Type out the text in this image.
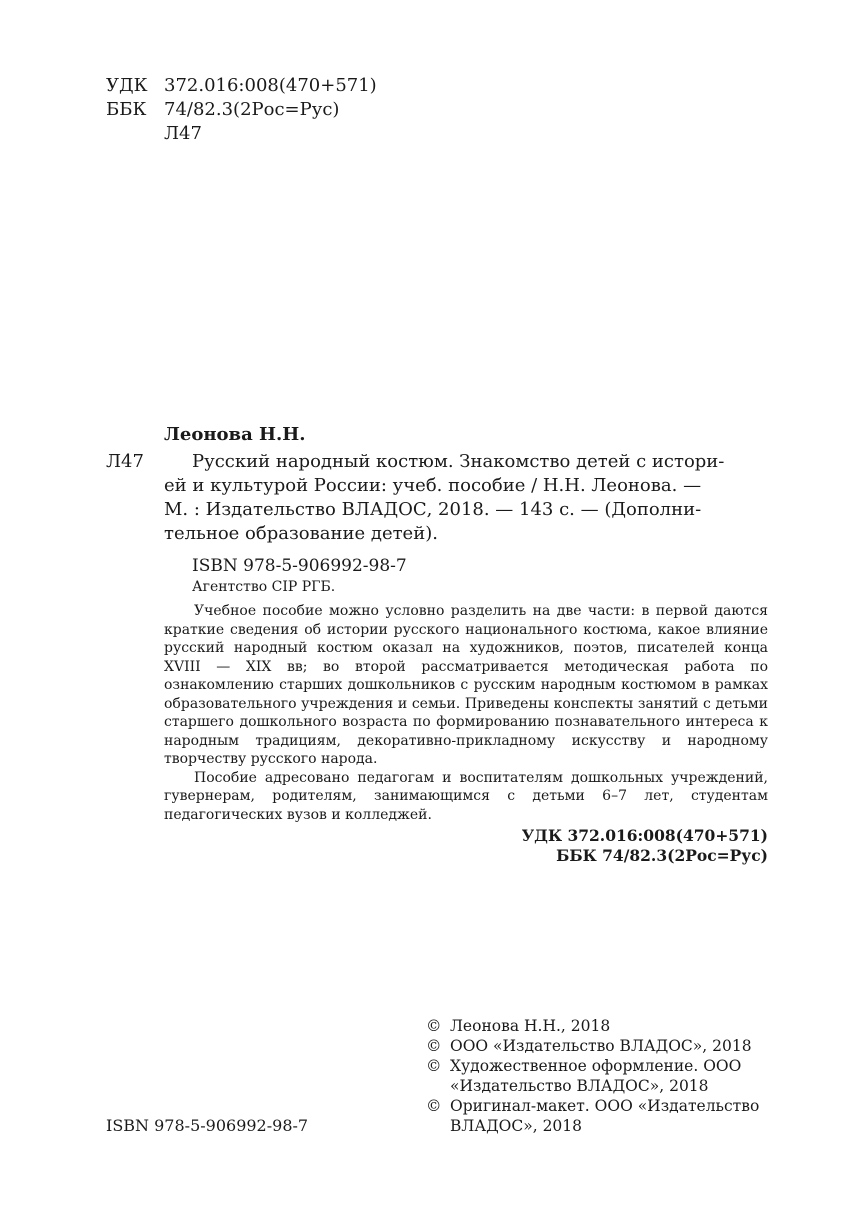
УДК 372.016:008(470+571)
ББК 74/82.3(2Рос=Рус)
Л47
Леонова Н.Н.
Л47	Русский народный костюм. Знакомство детей с истори-
ей и культурой России: учеб. пособие / Н.Н. Леонова. —
М. : Издательство ВЛАДОС, 2018. — 143 с. — (Дополни-
тельное образование детей).
ISBN 978-5-906992-98-7
Агентство CIP РГБ.

Учебное пособие можно условно разделить на две части: в первой даются краткие сведения об истории русского национального костюма, какое влияние русский народный костюм оказал на художников, поэтов, писателей конца XVIII — XIX вв; во второй рассматривается методическая работа по ознакомлению старших дошкольников с русским народным костюмом в рамках образовательного учреждения и семьи. Приведены конспекты занятий с детьми старшего дошкольного возраста по формированию познавательного интереса к народным традициям, декоративно-прикладному искусству и народному творчеству русского народа.

Пособие адресовано педагогам и воспитателям дошкольных учреждений, гувернерам, родителям, занимающимся с детьми 6–7 лет, студентам педагогических вузов и колледжей.

УДК 372.016:008(470+571)
ББК 74/82.3(2Рос=Рус)
© Леонова Н.Н., 2018
© ООО «Издательство ВЛАДОС», 2018
© Художественное оформление. ООО «Издательство ВЛАДОС», 2018
© Оригинал-макет. ООО «Издательство ВЛАДОС», 2018
ISBN 978-5-906992-98-7
